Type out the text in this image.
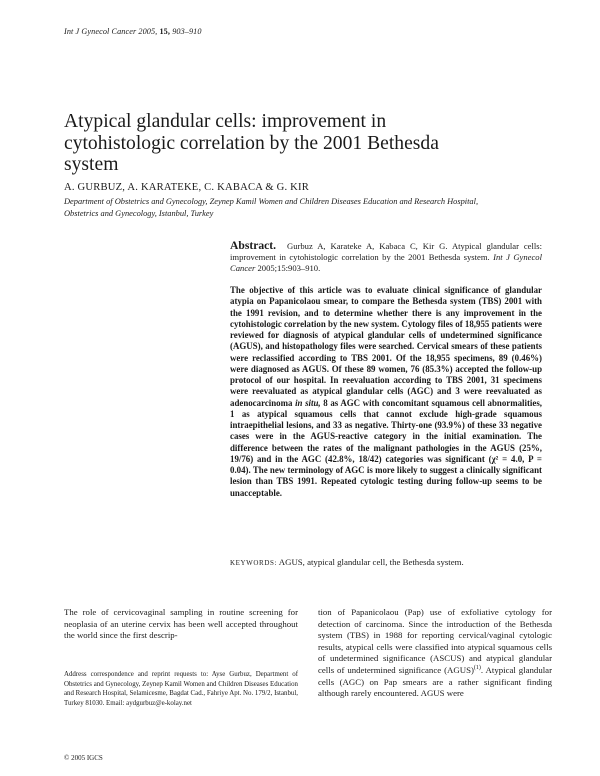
Int J Gynecol Cancer 2005, 15, 903–910
Atypical glandular cells: improvement in cytohistologic correlation by the 2001 Bethesda system
A. GURBUZ, A. KARATEKE, C. KABACA & G. KIR
Department of Obstetrics and Gynecology, Zeynep Kamil Women and Children Diseases Education and Research Hospital, Obstetrics and Gynecology, Istanbul, Turkey
Abstract. Gurbuz A, Karateke A, Kabaca C, Kir G. Atypical glandular cells: improvement in cytohistologic correlation by the 2001 Bethesda system. Int J Gynecol Cancer 2005;15:903–910.
The objective of this article was to evaluate clinical significance of glandular atypia on Papanicolaou smear, to compare the Bethesda system (TBS) 2001 with the 1991 revision, and to determine whether there is any improvement in the cytohistologic correlation by the new system. Cytology files of 18,955 patients were reviewed for diagnosis of atypical glandular cells of undetermined significance (AGUS), and histopathology files were searched. Cervical smears of these patients were reclassified according to TBS 2001. Of the 18,955 specimens, 89 (0.46%) were diagnosed as AGUS. Of these 89 women, 76 (85.3%) accepted the follow-up protocol of our hospital. In reevaluation according to TBS 2001, 31 specimens were reevaluated as atypical glandular cells (AGC) and 3 were reevaluated as adenocarcinoma in situ, 8 as AGC with concomitant squamous cell abnormalities, 1 as atypical squamous cells that cannot exclude high-grade squamous intraepithelial lesions, and 33 as negative. Thirty-one (93.9%) of these 33 negative cases were in the AGUS-reactive category in the initial examination. The difference between the rates of the malignant pathologies in the AGUS (25%, 19/76) and in the AGC (42.8%, 18/42) categories was significant (χ² = 4.0, P = 0.04). The new terminology of AGC is more likely to suggest a clinically significant lesion than TBS 1991. Repeated cytologic testing during follow-up seems to be unacceptable.
KEYWORDS: AGUS, atypical glandular cell, the Bethesda system.
The role of cervicovaginal sampling in routine screening for neoplasia of an uterine cervix has been well accepted throughout the world since the first descrip-
tion of Papanicolaou (Pap) use of exfoliative cytology for detection of carcinoma. Since the introduction of the Bethesda system (TBS) in 1988 for reporting cervical/vaginal cytologic results, atypical cells were classified into atypical squamous cells of undetermined significance (ASCUS) and atypical glandular cells of undetermined significance (AGUS)$^{(1)}$. Atypical glandular cells (AGC) on Pap smears are a rather significant finding although rarely encountered. AGUS were
Address correspondence and reprint requests to: Ayse Gurbuz, Department of Obstetrics and Gynecology, Zeynep Kamil Women and Children Diseases Education and Research Hospital, Selamicesme, Bagdat Cad., Fahriye Apt. No. 179/2, Istanbul, Turkey 81030. Email: aydgurbuz@e-kolay.net
© 2005 IGCS
